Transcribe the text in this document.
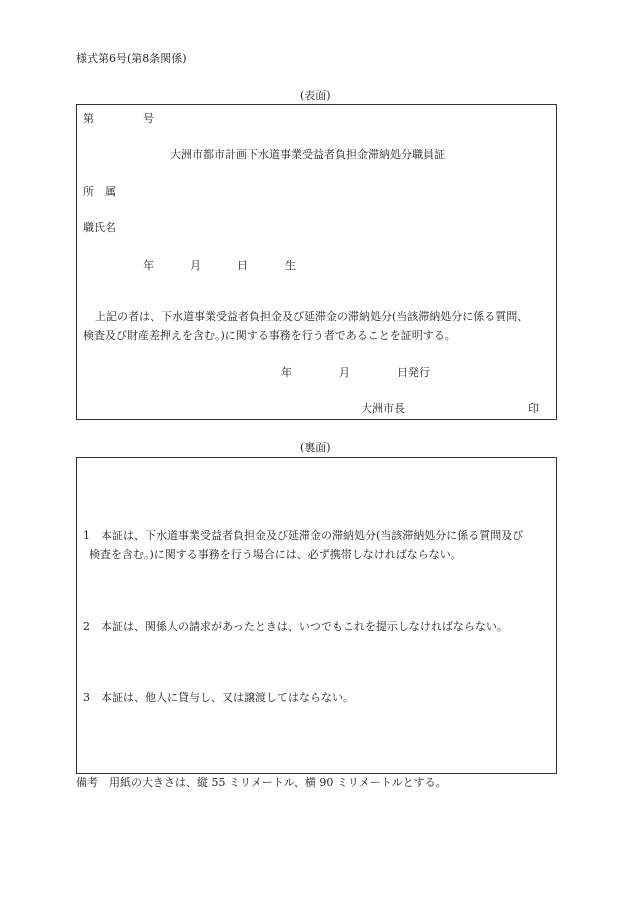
様式第6号(第8条関係)
(表面)
第	号
大洲市都市計画下水道事業受益者負担金滞納処分職員証
所　属
職氏名
年	月	日	生
上記の者は、下水道事業受益者負担金及び延滞金の滞納処分(当該滞納処分に係る質問、
検査及び財産差押えを含む。)に関する事務を行う者であることを証明する。
年	月	日発行
大洲市長	印
(裏面)
1　本証は、下水道事業受益者負担金及び延滞金の滞納処分(当該滞納処分に係る質問及び
検査を含む。)に関する事務を行う場合には、必ず携帯しなければならない。
2　本証は、関係人の請求があったときは、いつでもこれを提示しなければならない。
3　本証は、他人に貸与し、又は譲渡してはならない。
備考　用紙の大きさは、縦 55 ミリメートル、横 90 ミリメートルとする。
